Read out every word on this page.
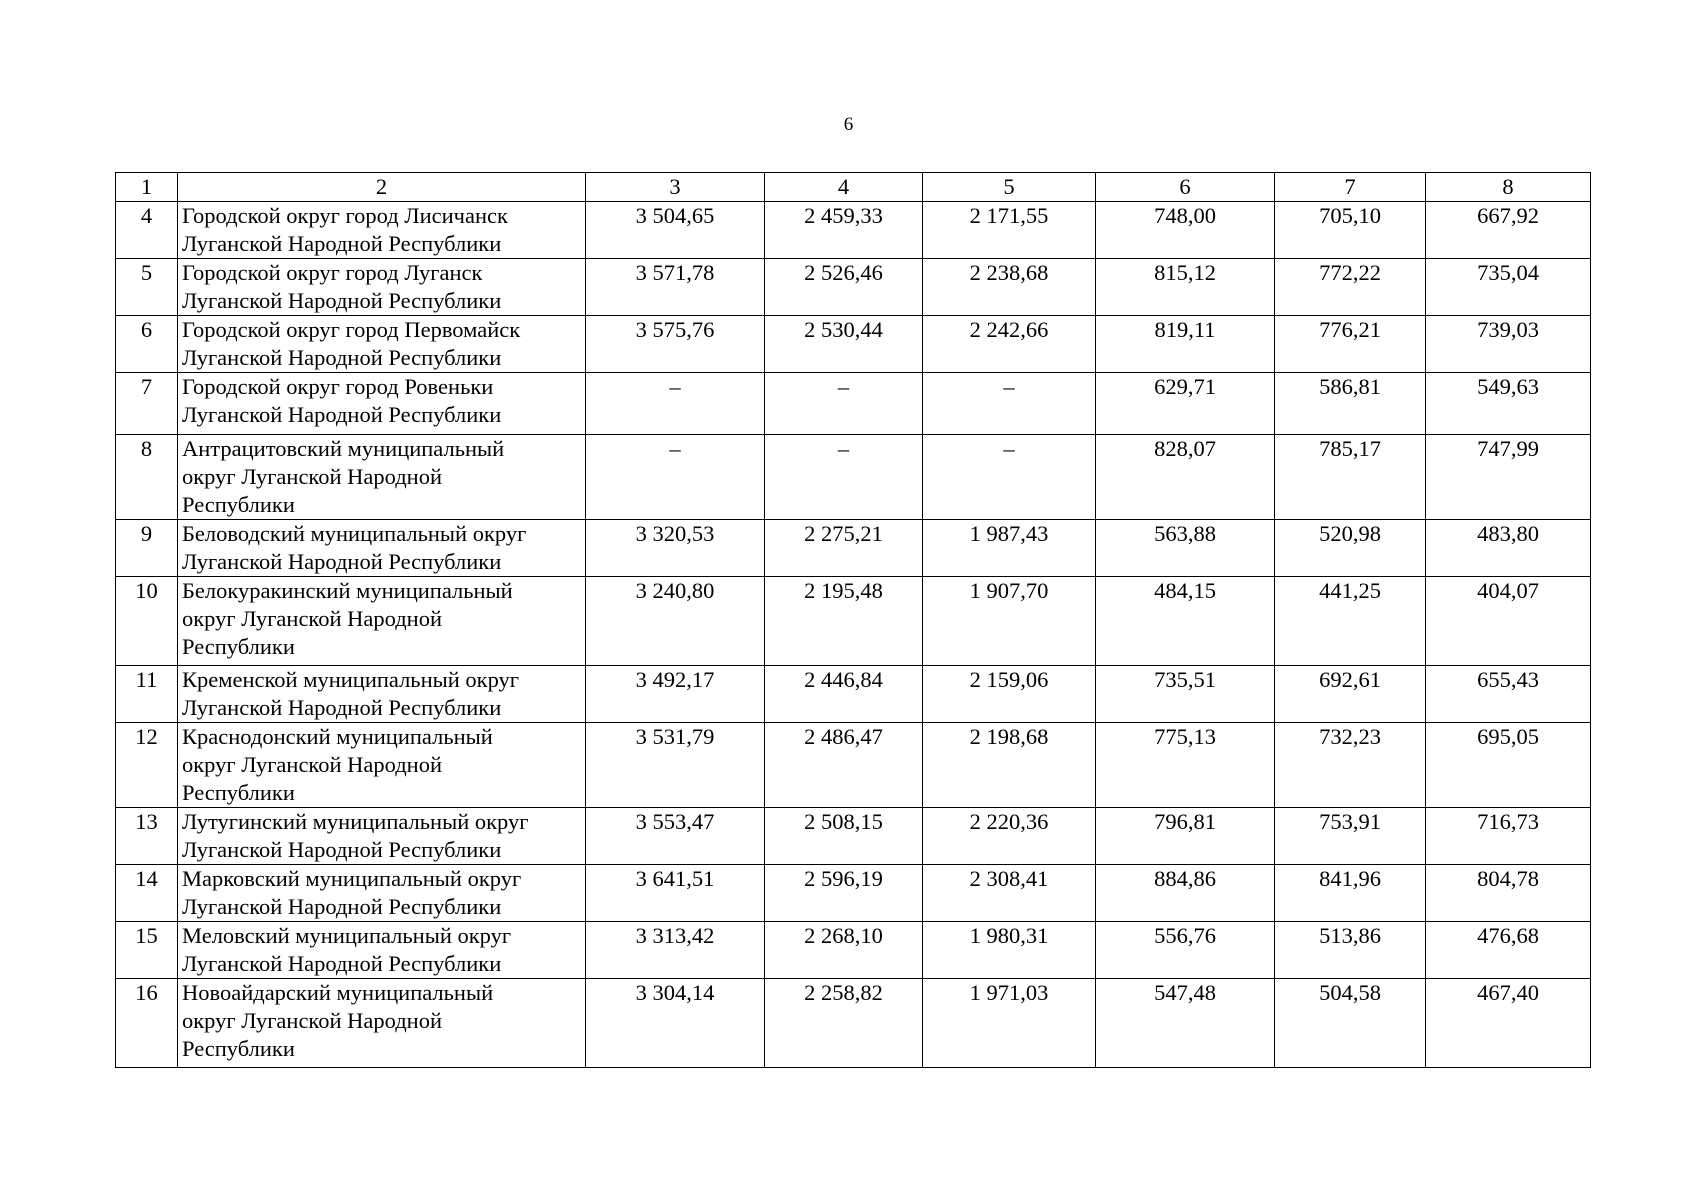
6
1	2	3	4	5	6	7	8
4	Городской округ город Лисичанск
Луганской Народной Республики	3 504,65	2 459,33	2 171,55	748,00	705,10	667,92
5	Городской округ город Луганск
Луганской Народной Республики	3 571,78	2 526,46	2 238,68	815,12	772,22	735,04
6	Городской округ город Первомайск
Луганской Народной Республики	3 575,76	2 530,44	2 242,66	819,11	776,21	739,03
7	Городской округ город Ровеньки
Луганской Народной Республики	–	–	–	629,71	586,81	549,63
8	Антрацитовский муниципальный
округ Луганской Народной
Республики	–	–	–	828,07	785,17	747,99
9	Беловодский муниципальный округ
Луганской Народной Республики	3 320,53	2 275,21	1 987,43	563,88	520,98	483,80
10	Белокуракинский муниципальный
округ Луганской Народной
Республики	3 240,80	2 195,48	1 907,70	484,15	441,25	404,07
11	Кременской муниципальный округ
Луганской Народной Республики	3 492,17	2 446,84	2 159,06	735,51	692,61	655,43
12	Краснодонский муниципальный
округ Луганской Народной
Республики	3 531,79	2 486,47	2 198,68	775,13	732,23	695,05
13	Лутугинский муниципальный округ
Луганской Народной Республики	3 553,47	2 508,15	2 220,36	796,81	753,91	716,73
14	Марковский муниципальный округ
Луганской Народной Республики	3 641,51	2 596,19	2 308,41	884,86	841,96	804,78
15	Меловский муниципальный округ
Луганской Народной Республики	3 313,42	2 268,10	1 980,31	556,76	513,86	476,68
16	Новоайдарский муниципальный
округ Луганской Народной
Республики	3 304,14	2 258,82	1 971,03	547,48	504,58	467,40
